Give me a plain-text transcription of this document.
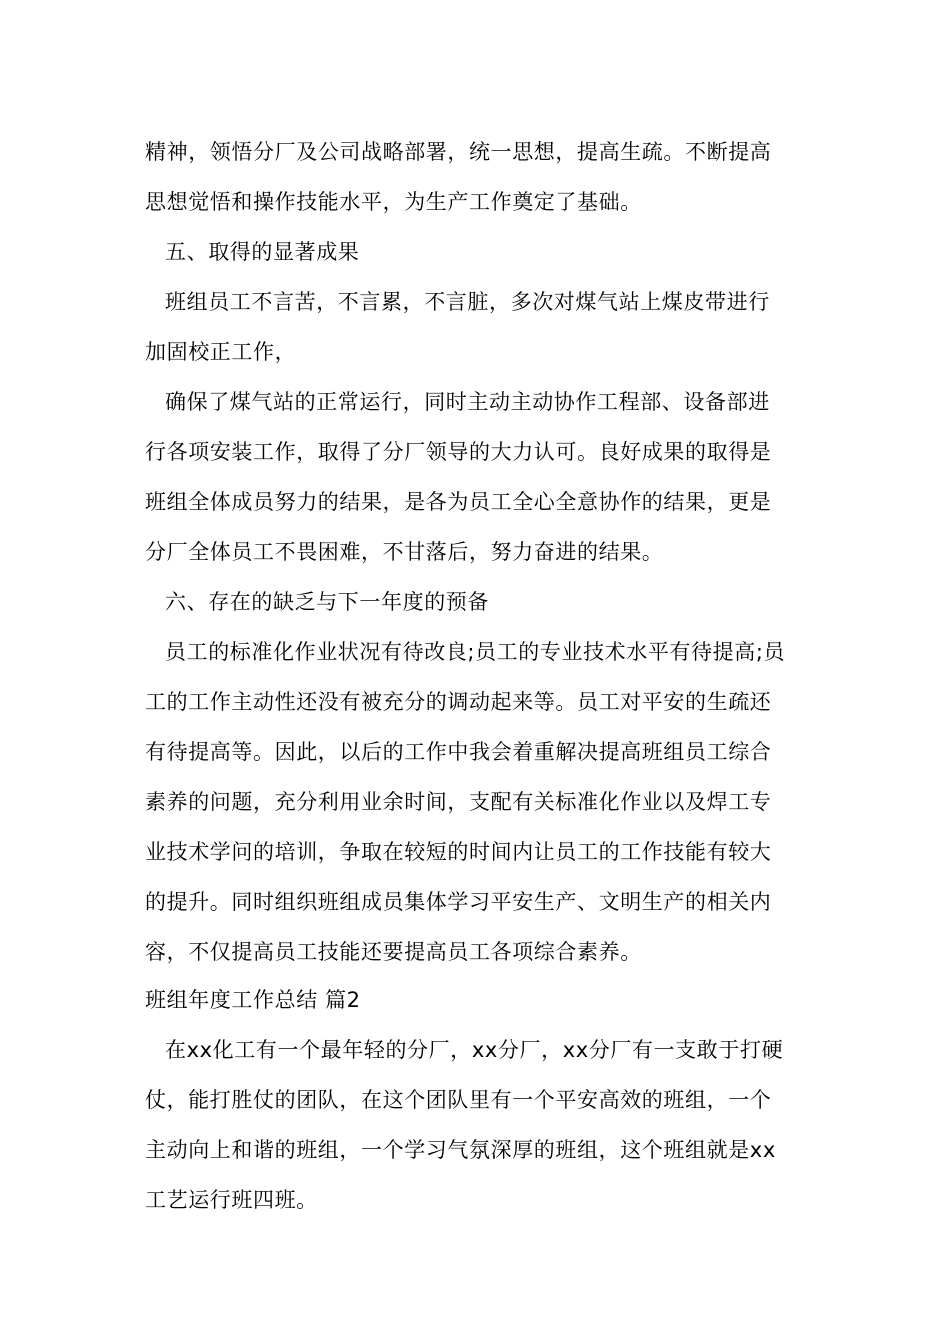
精神，领悟分厂及公司战略部署，统一思想，提高生疏。不断提高
思想觉悟和操作技能水平，为生产工作奠定了基础。
五、取得的显著成果
班组员工不言苦，不言累，不言脏，多次对煤气站上煤皮带进行
加固校正工作，
确保了煤气站的正常运行，同时主动主动协作工程部、设备部进
行各项安装工作，取得了分厂领导的大力认可。良好成果的取得是
班组全体成员努力的结果，是各为员工全心全意协作的结果，更是
分厂全体员工不畏困难，不甘落后，努力奋进的结果。
六、存在的缺乏与下一年度的预备
员工的标准化作业状况有待改良;员工的专业技术水平有待提高;员
工的工作主动性还没有被充分的调动起来等。员工对平安的生疏还
有待提高等。因此，以后的工作中我会着重解决提高班组员工综合
素养的问题，充分利用业余时间，支配有关标准化作业以及焊工专
业技术学问的培训，争取在较短的时间内让员工的工作技能有较大
的提升。同时组织班组成员集体学习平安生产、文明生产的相关内
容，不仅提高员工技能还要提高员工各项综合素养。
班组年度工作总结 篇2
在xx化工有一个最年轻的分厂，xx分厂，xx分厂有一支敢于打硬
仗，能打胜仗的团队，在这个团队里有一个平安高效的班组，一个
主动向上和谐的班组，一个学习气氛深厚的班组，这个班组就是xx
工艺运行班四班。
